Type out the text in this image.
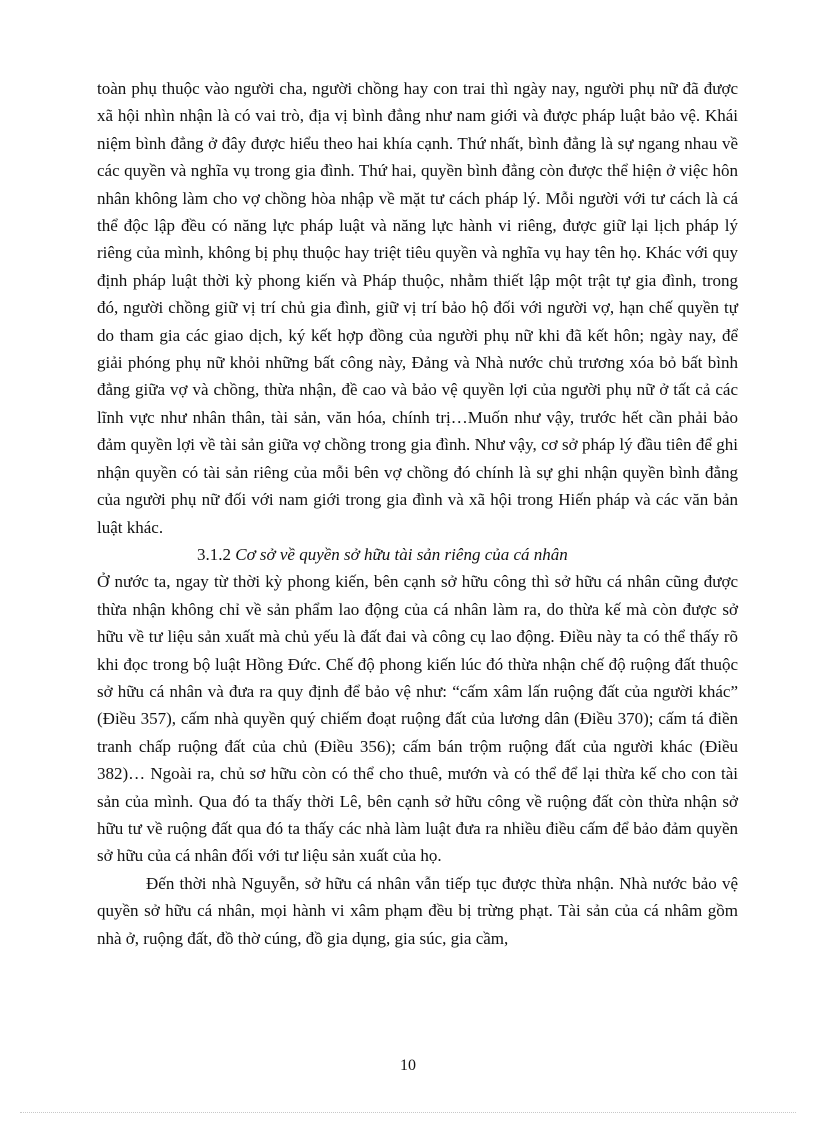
toàn phụ thuộc vào người cha, người chồng hay con trai thì ngày nay, người phụ nữ đã được xã hội nhìn nhận là có vai trò, địa vị bình đẳng như nam giới và được pháp luật bảo vệ. Khái niệm bình đẳng ở đây được hiểu theo hai khía cạnh. Thứ nhất, bình đẳng là sự ngang nhau về các quyền và nghĩa vụ trong gia đình. Thứ hai, quyền bình đẳng còn được thể hiện ở việc hôn nhân không làm cho vợ chồng hòa nhập về mặt tư cách pháp lý. Mỗi người với tư cách là cá thể độc lập đều có năng lực pháp luật và năng lực hành vi riêng, được giữ lại lịch pháp lý riêng của mình, không bị phụ thuộc hay triệt tiêu quyền và nghĩa vụ hay tên họ. Khác với quy định pháp luật thời kỳ phong kiến và Pháp thuộc, nhằm thiết lập một trật tự gia đình, trong đó, người chồng giữ vị trí chủ gia đình, giữ vị trí bảo hộ đối với người vợ, hạn chế quyền tự do tham gia các giao dịch, ký kết hợp đồng của người phụ nữ khi đã kết hôn; ngày nay, để giải phóng phụ nữ khỏi những bất công này, Đảng và Nhà nước chủ trương xóa bỏ bất bình đẳng giữa vợ và chồng, thừa nhận, đề cao và bảo vệ quyền lợi của người phụ nữ ở tất cả các lĩnh vực như nhân thân, tài sản, văn hóa, chính trị…Muốn như vậy, trước hết cần phải bảo đảm quyền lợi về tài sản giữa vợ chồng trong gia đình. Như vậy, cơ sở pháp lý đầu tiên để ghi nhận quyền có tài sản riêng của mỗi bên vợ chồng đó chính là sự ghi nhận quyền bình đẳng của người phụ nữ đối với nam giới trong gia đình và xã hội trong Hiến pháp và các văn bản luật khác.

3.1.2 Cơ sở về quyền sở hữu tài sản riêng của cá nhân

Ở nước ta, ngay từ thời kỳ phong kiến, bên cạnh sở hữu công thì sở hữu cá nhân cũng được thừa nhận không chỉ về sản phẩm lao động của cá nhân làm ra, do thừa kế mà còn được sở hữu về tư liệu sản xuất mà chủ yếu là đất đai và công cụ lao động. Điều này ta có thể thấy rõ khi đọc trong bộ luật Hồng Đức. Chế độ phong kiến lúc đó thừa nhận chế độ ruộng đất thuộc sở hữu cá nhân và đưa ra quy định để bảo vệ như: “cấm xâm lấn ruộng đất của người khác” (Điều 357), cấm nhà quyền quý chiếm đoạt ruộng đất của lương dân (Điều 370); cấm tá điền tranh chấp ruộng đất của chủ (Điều 356); cấm bán trộm ruộng đất của người khác (Điều 382)… Ngoài ra, chủ sơ hữu còn có thể cho thuê, mướn và có thể để lại thừa kế cho con tài sản của mình. Qua đó ta thấy thời Lê, bên cạnh sở hữu công về ruộng đất còn thừa nhận sở hữu tư về ruộng đất qua đó ta thấy các nhà làm luật đưa ra nhiều điều cấm để bảo đảm quyền sở hữu của cá nhân đối với tư liệu sản xuất của họ.

Đến thời nhà Nguyễn, sở hữu cá nhân vẫn tiếp tục được thừa nhận. Nhà nước bảo vệ quyền sở hữu cá nhân, mọi hành vi xâm phạm đều bị trừng phạt. Tài sản của cá nhâm gồm nhà ở, ruộng đất, đồ thờ cúng, đồ gia dụng, gia súc, gia cầm,

10
